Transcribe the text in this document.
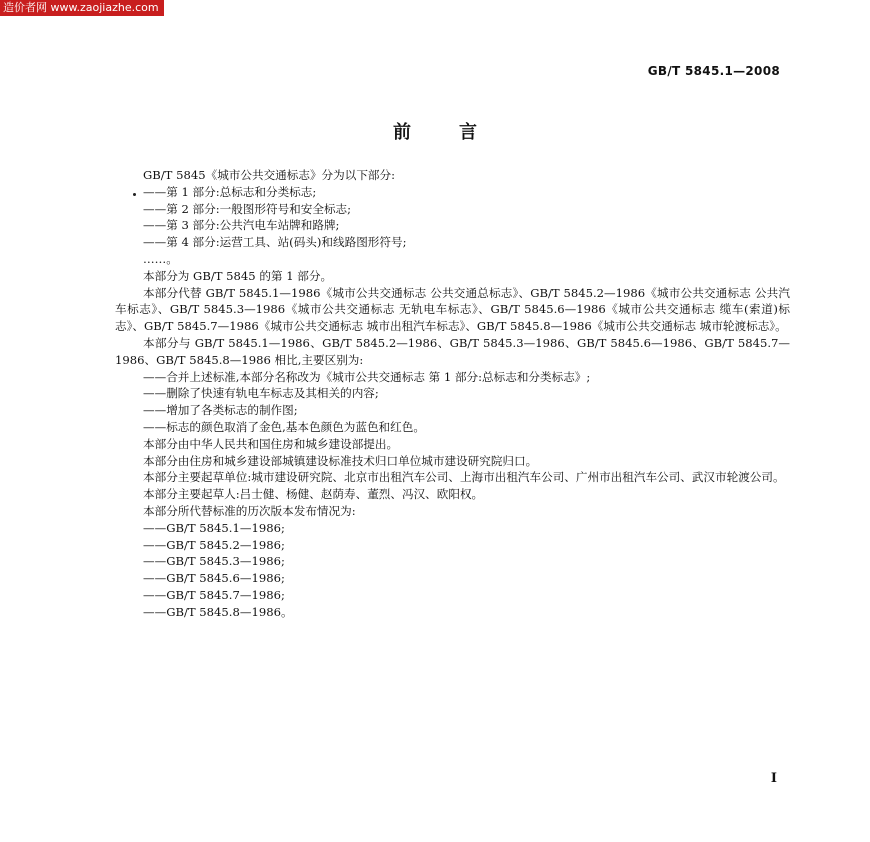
造价者网 www.zaojiazhe.com
GB/T 5845.1—2008
前	言

GB/T 5845《城市公共交通标志》分为以下部分:

——第 1 部分:总标志和分类标志;

——第 2 部分:一般图形符号和安全标志;

——第 3 部分:公共汽电车站牌和路牌;

——第 4 部分:运营工具、站(码头)和线路图形符号;

……。

本部分为 GB/T 5845 的第 1 部分。

本部分代替 GB/T 5845.1—1986《城市公共交通标志 公共交通总标志》、GB/T 5845.2—1986《城市公共交通标志 公共汽车标志》、GB/T 5845.3—1986《城市公共交通标志 无轨电车标志》、GB/T 5845.6—1986《城市公共交通标志 缆车(索道)标志》、GB/T 5845.7—1986《城市公共交通标志 城市出租汽车标志》、GB/T 5845.8—1986《城市公共交通标志 城市轮渡标志》。

本部分与 GB/T 5845.1—1986、GB/T 5845.2—1986、GB/T 5845.3—1986、GB/T 5845.6—1986、GB/T 5845.7—1986、GB/T 5845.8—1986 相比,主要区别为:

——合并上述标准,本部分名称改为《城市公共交通标志 第 1 部分:总标志和分类标志》;

——删除了快速有轨电车标志及其相关的内容;

——增加了各类标志的制作图;

——标志的颜色取消了金色,基本色颜色为蓝色和红色。

本部分由中华人民共和国住房和城乡建设部提出。

本部分由住房和城乡建设部城镇建设标准技术归口单位城市建设研究院归口。

本部分主要起草单位:城市建设研究院、北京市出租汽车公司、上海市出租汽车公司、广州市出租汽车公司、武汉市轮渡公司。

本部分主要起草人:吕士健、杨健、赵荫寿、董烈、冯汉、欧阳权。

本部分所代替标准的历次版本发布情况为:

——GB/T 5845.1—1986;

——GB/T 5845.2—1986;

——GB/T 5845.3—1986;

——GB/T 5845.6—1986;

——GB/T 5845.7—1986;

——GB/T 5845.8—1986。

I
